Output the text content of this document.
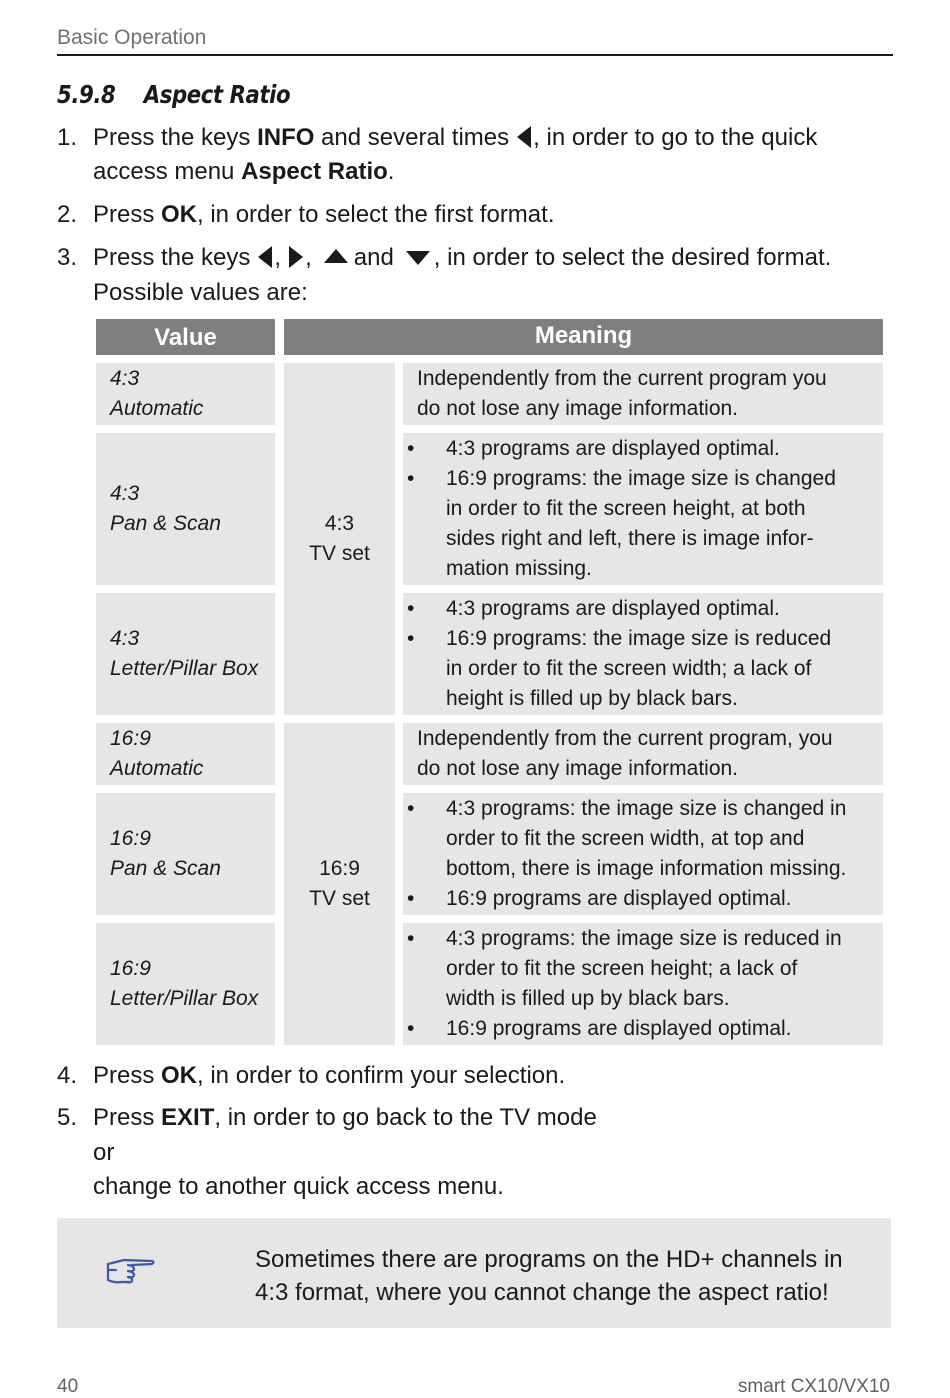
Basic Operation
5.9.8 Aspect Ratio
1. Press the keys INFO and several times , in order to go to the quick
access menu Aspect Ratio.
2. Press OK, in order to select the first format.
3. Press the keys , , and , in order to select the desired format.
Possible values are:
Value	Meaning
4:3
TV set
16:9
TV set
4:3
Automatic
Independently from the current program you
do not lose any image information.
4:3
Pan & Scan
• 4:3 programs are displayed optimal.
• 16:9 programs: the image size is changed
in order to fit the screen height, at both
sides right and left, there is image infor-
mation missing.
4:3
Letter/Pillar Box
• 4:3 programs are displayed optimal.
• 16:9 programs: the image size is reduced
in order to fit the screen width; a lack of
height is filled up by black bars.
16:9
Automatic
Independently from the current program, you
do not lose any image information.
16:9
Pan & Scan
• 4:3 programs: the image size is changed in
order to fit the screen width, at top and
bottom, there is image information missing.
• 16:9 programs are displayed optimal.
16:9
Letter/Pillar Box
• 4:3 programs: the image size is reduced in
order to fit the screen height; a lack of
width is filled up by black bars.
• 16:9 programs are displayed optimal.
4. Press OK, in order to confirm your selection.
5. Press EXIT, in order to go back to the TV mode
or
change to another quick access menu.
Sometimes there are programs on the HD+ channels in
4:3 format, where you cannot change the aspect ratio!
40	smart CX10/VX10
